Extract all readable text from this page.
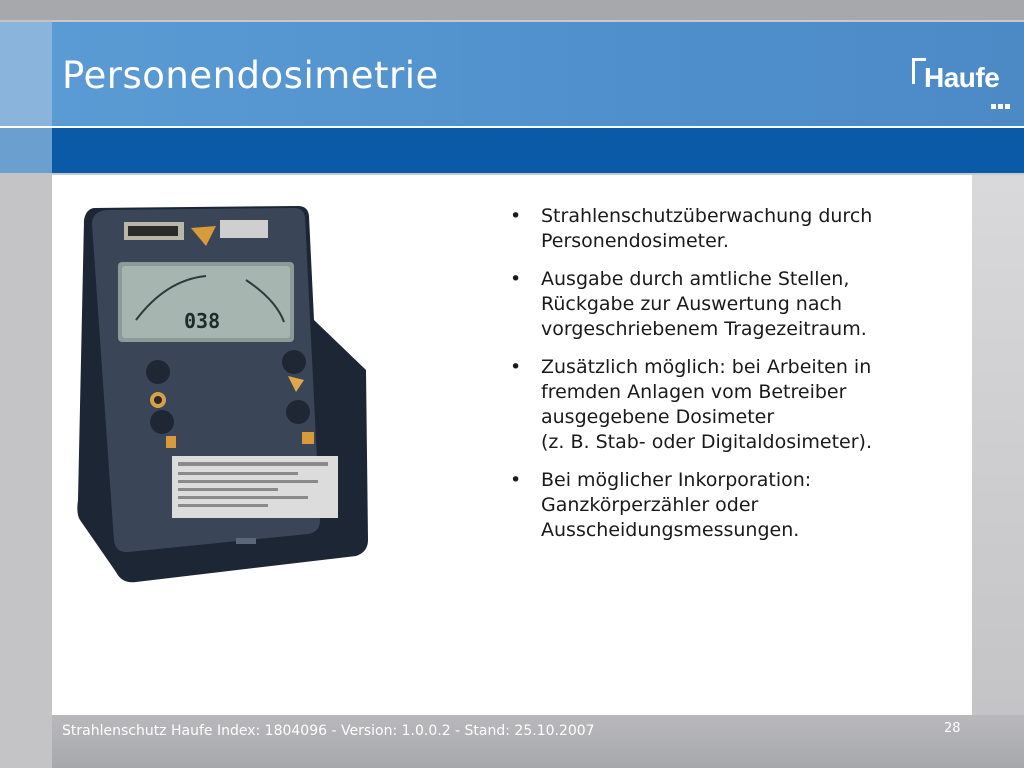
Personendosimetrie	Haufe
038
• Strahlenschutzüberwachung durch
Personendosimeter.
• Ausgabe durch amtliche Stellen,
Rückgabe zur Auswertung nach
vorgeschriebenem Tragezeitraum.
• Zusätzlich möglich: bei Arbeiten in
fremden Anlagen vom Betreiber
ausgegebene Dosimeter
(z. B. Stab- oder Digitaldosimeter).
• Bei möglicher Inkorporation:
Ganzkörperzähler oder
Ausscheidungsmessungen.
Strahlenschutz Haufe Index: 1804096 - Version: 1.0.0.2 - Stand: 25.10.2007	28
